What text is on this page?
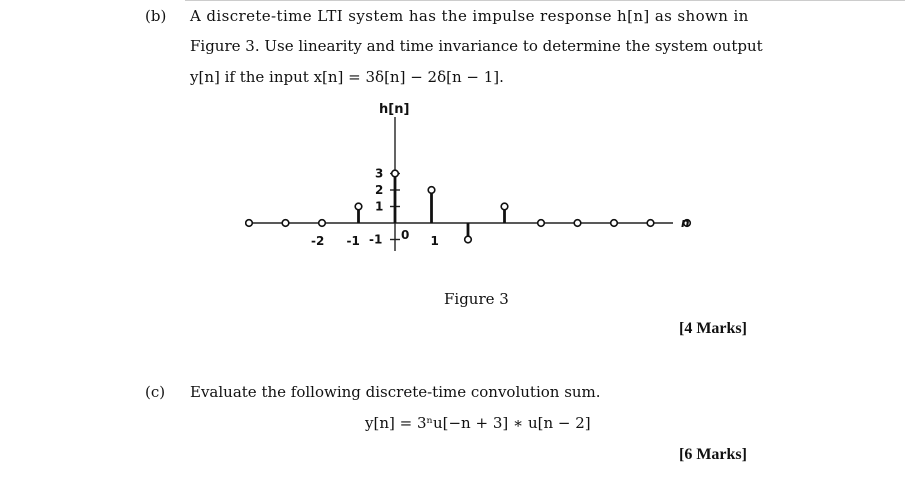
(b) A discrete-time LTI system has the impulse response h[n] as shown in
Figure 3. Use linearity and time invariance to determine the system output
y[n] if the input x[n] = 3δ[n] − 2δ[n − 1].
h[n]
n
3
2
1
-1
-2 -1	0 1
Figure 3
[4 Marks]
(c) Evaluate the following discrete-time convolution sum.
y[n] = 3ⁿu[−n + 3] ∗ u[n − 2]
[6 Marks]
